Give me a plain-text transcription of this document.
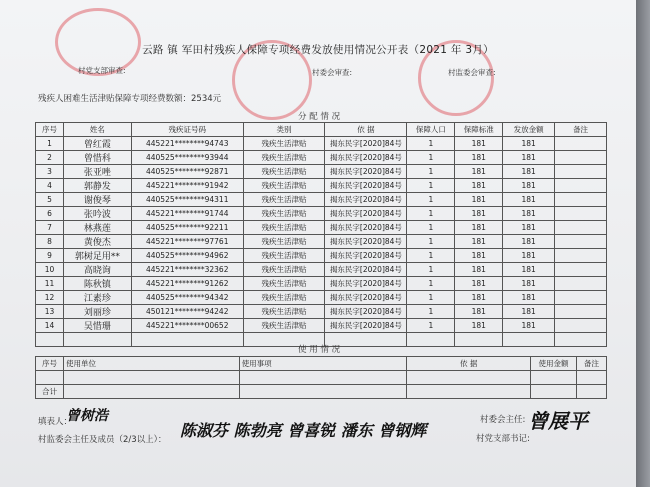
云路 镇 军田村残疾人保障专项经费发放使用情况公开表（2021 年 3月）
村党支部审查:	村委会审查:	村监委会审查:
残疾人困难生活津贴保障专项经费数额：2534元
分 配 情 况
序号	姓名	残疾证号码	类别	依 据	保障人口	保障标准	发放金额	备注
1	曾红霞	445221********94743	残疾生活津贴	揭东民字[2020]84号	1	181	181	
2	曾惜科	440525********93944	残疾生活津贴	揭东民字[2020]84号	1	181	181	
3	张亚唑	440525********92871	残疾生活津贴	揭东民字[2020]84号	1	181	181	
4	郭静发	445221********91942	残疾生活津贴	揭东民字[2020]84号	1	181	181	
5	谢俊琴	440525********94311	残疾生活津贴	揭东民字[2020]84号	1	181	181	
6	张吟波	445221********91744	残疾生活津贴	揭东民字[2020]84号	1	181	181	
7	林燕莲	440525********92211	残疾生活津贴	揭东民字[2020]84号	1	181	181	
8	黄俊杰	445221********97761	残疾生活津贴	揭东民字[2020]84号	1	181	181	
9	郭树足用**	440525********94962	残疾生活津贴	揭东民字[2020]84号	1	181	181	
10	高晓询	445221********32362	残疾生活津贴	揭东民字[2020]84号	1	181	181	
11	陈秋镇	445221********91262	残疾生活津贴	揭东民字[2020]84号	1	181	181	
12	江素珍	440525********94342	残疾生活津贴	揭东民字[2020]84号	1	181	181	
13	刘丽珍	450121********94242	残疾生活津贴	揭东民字[2020]84号	1	181	181	
14	吴惜珊	445221********00652	残疾生活津贴	揭东民字[2020]84号	1	181	181	

使 用 情 况
序号	使用单位	使用事项	依 据	使用金额	备注

合计					
填表人：
曾树浩
村监委会主任及成员（2/3以上）： 陈淑芬 陈勃亮 曾喜锐 潘东 曾钢辉
村委会主任:
村党支部书记:
曾展平
